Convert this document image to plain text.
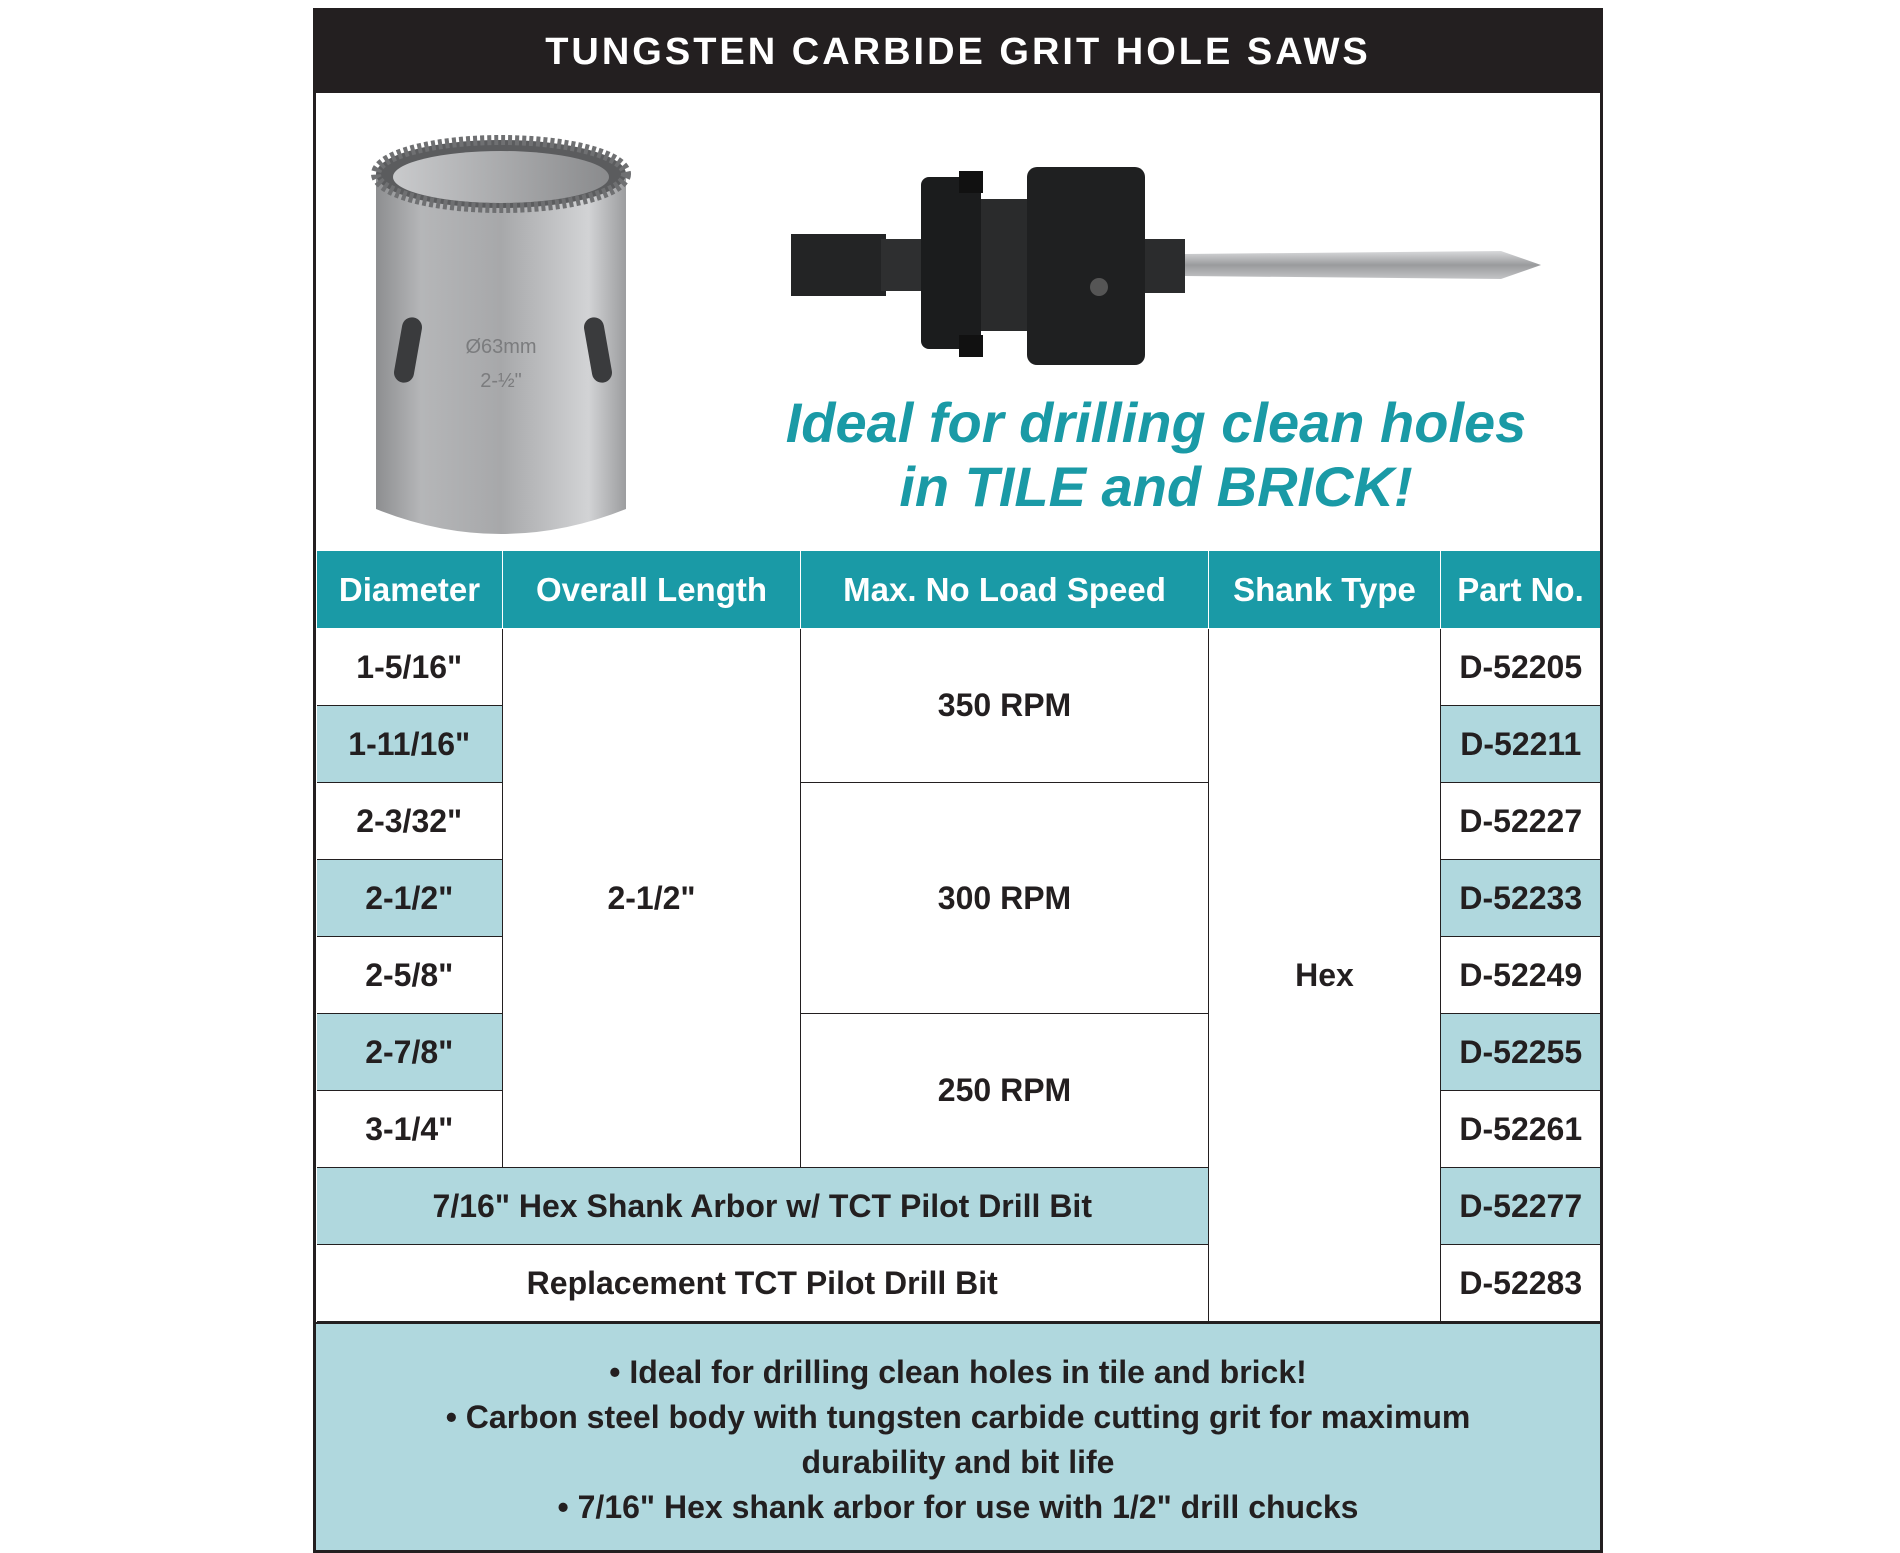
TUNGSTEN CARBIDE GRIT HOLE SAWS
Ø63mm
2-½"
Ideal for drilling clean holes
in TILE and BRICK!
Diameter	Overall Length	Max. No Load Speed	Shank Type	Part No.
1-5/16"	2-1/2"	350 RPM	Hex	D-52205
1-11/16"				D-52211
2-3/32"		300 RPM		D-52227
2-1/2"				D-52233
2-5/8"				D-52249
2-7/8"		250 RPM		D-52255
3-1/4"				D-52261
7/16" Hex Shank Arbor w/ TCT Pilot Drill Bit				D-52277
Replacement TCT Pilot Drill Bit				D-52283
• Ideal for drilling clean holes in tile and brick!
• Carbon steel body with tungsten carbide cutting grit for maximum durability and bit life
• 7/16" Hex shank arbor for use with 1/2" drill chucks
